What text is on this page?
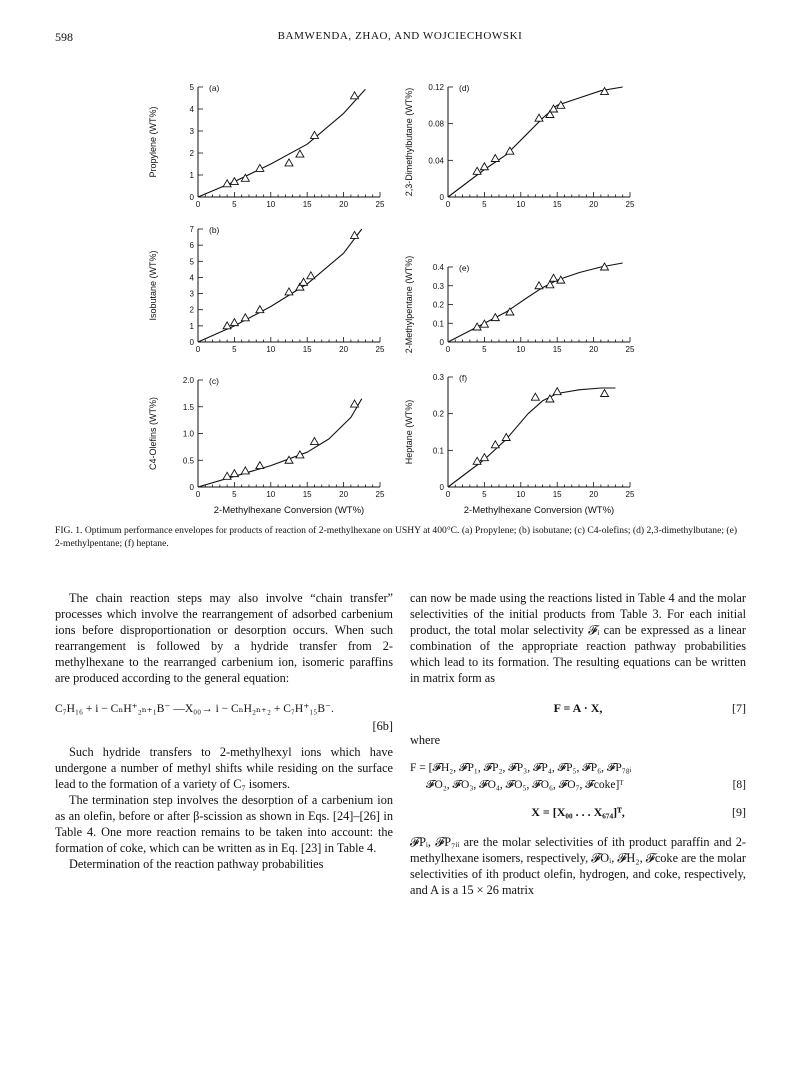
598	BAMWENDA, ZHAO, AND WOJCIECHOWSKI
0	5	10	15	20	25
0
1
2
3
4
5 (a)
Propylene (WT%)
0	5	10	15	20	25
0
1
2
3
4
5
6
7 (b)
Isobutane (WT%)
0	5	10	15	20	25
0
0.5
1.0
1.5
2.0 (c)
C4-Olefins (WT%)
0	5	10	15	20	25
0
0.04
0.08
0.12 (d)
2,3-Dimethylbutane (WT%)
0	5	10	15	20	25
0
0.1
0.2
0.3
0.4 (e)
2-Methylpentane (WT%)
0	5	10	15	20	25
0
0.1
0.2
0.3 (f)
Heptane (WT%)
2-Methylhexane Conversion (WT%)	2-Methylhexane Conversion (WT%)
FIG. 1. Optimum performance envelopes for products of reaction of 2-methylhexane on USHY at 400°C. (a) Propylene; (b) isobutane; (c) C4-olefins; (d) 2,3-dimethylbutane; (e) 2-methylpentane; (f) heptane.

The chain reaction steps may also involve “chain transfer” processes which involve the rearrangement of adsorbed carbenium ions before disproportionation or desorption occurs. When such rearrangement is followed by a hydride transfer from 2-methylhexane to the rearranged carbenium ion, isomeric paraffins are produced according to the general equation:

C₇H₁₆ + i − CₙH⁺₂ₙ₊₁B⁻ —X₀₀→ i − CₙH₂ₙ₊₂ + C₇H⁺₁₅B⁻.
[6b]

Such hydride transfers to 2-methylhexyl ions which have undergone a number of methyl shifts while residing on the surface lead to the formation of a variety of C₇ isomers.

The termination step involves the desorption of a carbenium ion as an olefin, before or after β-scission as shown in Eqs. [24]–[26] in Table 4. One more reaction remains to be taken into account: the formation of coke, which can be written as in Eq. [23] in Table 4.

Determination of the reaction pathway probabilities

can now be made using the reactions listed in Table 4 and the molar selectivities of the initial products from Table 3. For each initial product, the total molar selectivity 𝓕ᵢ can be expressed as a linear combination of the appropriate reaction pathway probabilities which lead to its formation. The resulting equations can be written in matrix form as

F = A · X,	[7]

where

F = [𝓕H₂, 𝓕P₁, 𝓕P₂, 𝓕P₃, 𝓕P₄, 𝓕P₅, 𝓕P₆, 𝓕P₇₈ᵢ
𝓕O₂, 𝓕O₃, 𝓕O₄, 𝓕O₅, 𝓕O₆, 𝓕O₇, 𝓕coke]ᵀ	[8]
X = [X₀₀ . . . X₆₇₄]ᵀ,	[9]

𝓕Pᵢ, 𝓕P₇ᵢᵢ are the molar selectivities of ith product paraffin and 2-methylhexane isomers, respectively, 𝓕Oᵢ, 𝓕H₂, 𝓕coke are the molar selectivities of ith product olefin, hydrogen, and coke, respectively, and A is a 15 × 26 matrix
